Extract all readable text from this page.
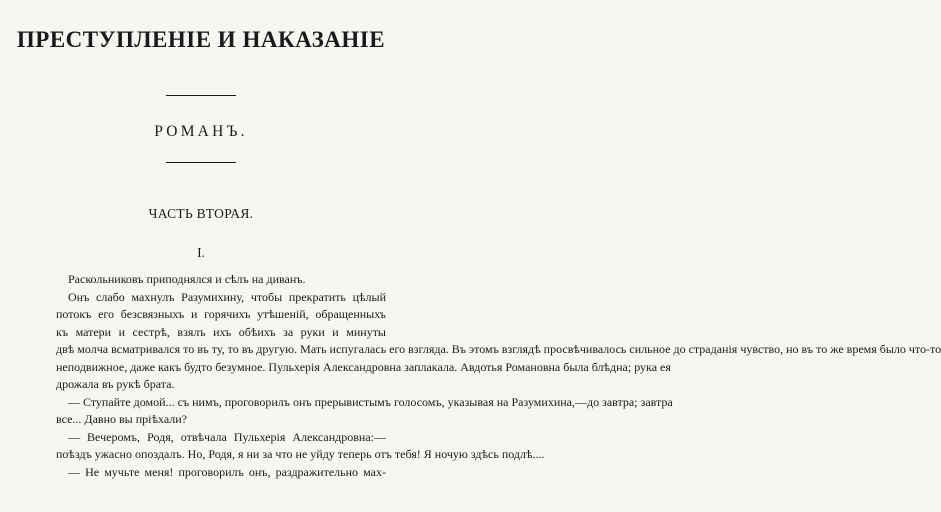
ПРЕСТУПЛЕНІЕ И НАКАЗАНІЕ
РОМАНЪ.
ЧАСТЬ ВТОРАЯ.
I.
Раскольниковъ приподнялся и сѣлъ на диванъ.
Онъ слабо махнулъ Разумихину, чтобы прекратить цѣлый
потокъ его безсвязныхъ и горячихъ утѣшеній, обращенныхъ
къ матери и сестрѣ, взялъ ихъ обѣихъ за руки и минуты
двѣ молча всматривался то въ ту, то въ другую. Мать испугалась его взгляда. Въ этомъ взглядѣ просвѣчивалось сильное до страданія чувство, но въ то же время было что-то
неподвижное, даже какъ будто безумное. Пульхерія Александровна заплакала. Авдотья Романовна была блѣдна; рука ея
дрожала въ рукѣ брата.
— Ступайте домой... съ нимъ, проговорилъ онъ прерывистымъ голосомъ, указывая на Разумихина,—до завтра; завтра
все... Давно вы пріѣхали?
— Вечеромъ, Родя, отвѣчала Пульхерія Александровна:—
поѣздъ ужасно опоздалъ. Но, Родя, я ни за что не уйду теперь отъ тебя! Я ночую здѣсь подлѣ....
— Не мучьте меня! проговорилъ онъ, раздражительно мах-
